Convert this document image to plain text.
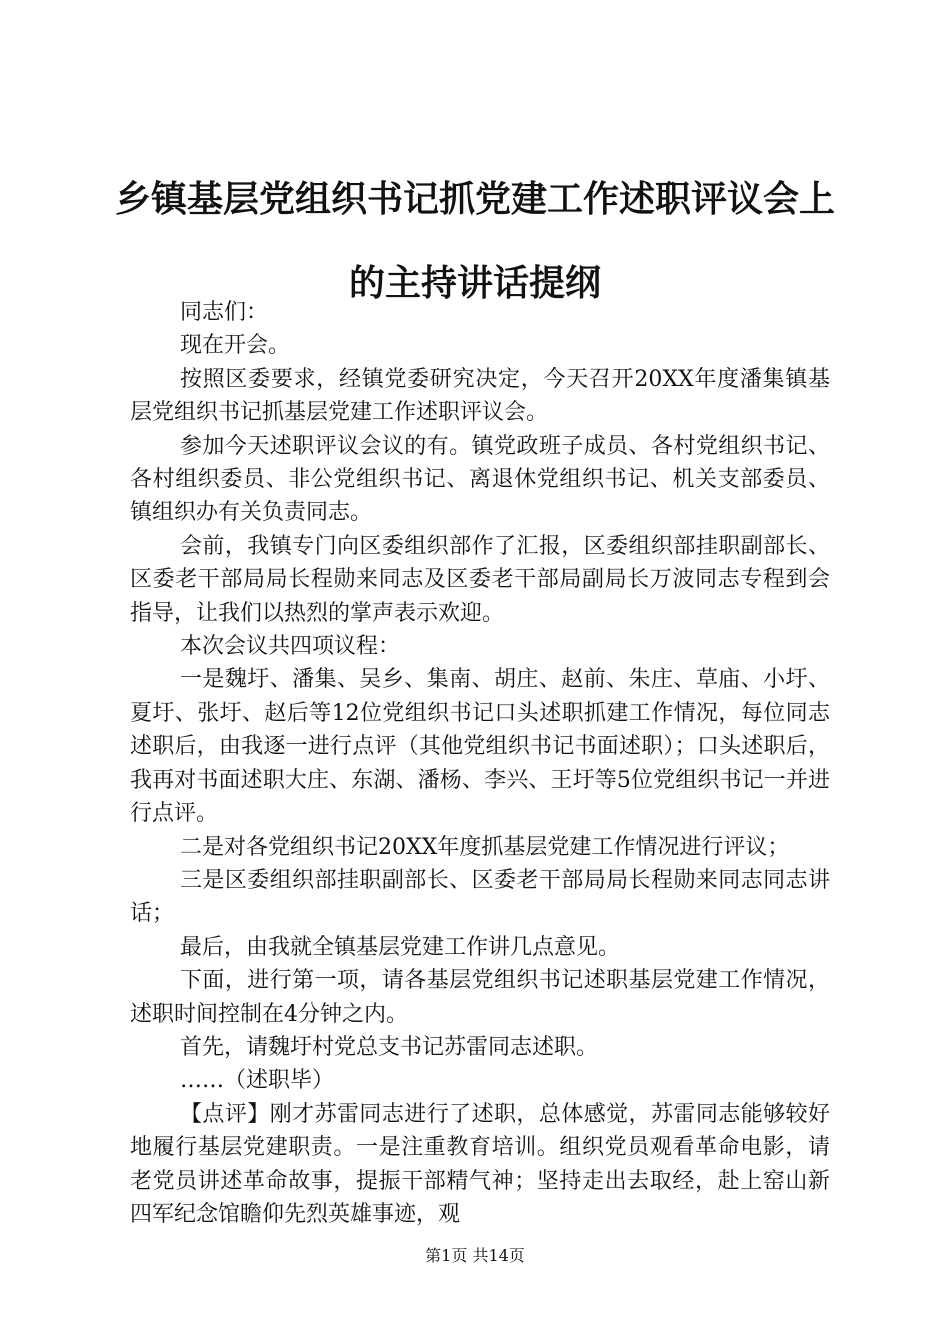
乡镇基层党组织书记抓党建工作述职评议会上
的主持讲话提纲

同志们：

现在开会。

按照区委要求，经镇党委研究决定，今天召开20XX年度潘集镇基层党组织书记抓基层党建工作述职评议会。

参加今天述职评议会议的有。镇党政班子成员、各村党组织书记、各村组织委员、非公党组织书记、离退休党组织书记、机关支部委员、镇组织办有关负责同志。

会前，我镇专门向区委组织部作了汇报，区委组织部挂职副部长、区委老干部局局长程勋来同志及区委老干部局副局长万波同志专程到会指导，让我们以热烈的掌声表示欢迎。

本次会议共四项议程：

一是魏圩、潘集、吴乡、集南、胡庄、赵前、朱庄、草庙、小圩、夏圩、张圩、赵后等12位党组织书记口头述职抓建工作情况，每位同志述职后，由我逐一进行点评（其他党组织书记书面述职）；口头述职后，我再对书面述职大庄、东湖、潘杨、李兴、王圩等5位党组织书记一并进行点评。

二是对各党组织书记20XX年度抓基层党建工作情况进行评议；

三是区委组织部挂职副部长、区委老干部局局长程勋来同志同志讲话；

最后，由我就全镇基层党建工作讲几点意见。

下面，进行第一项，请各基层党组织书记述职基层党建工作情况，述职时间控制在4分钟之内。

首先，请魏圩村党总支书记苏雷同志述职。

……（述职毕）

【点评】刚才苏雷同志进行了述职，总体感觉，苏雷同志能够较好地履行基层党建职责。一是注重教育培训。组织党员观看革命电影，请老党员讲述革命故事，提振干部精气神；坚持走出去取经，赴上窑山新四军纪念馆瞻仰先烈英雄事迹，观

第1页 共14页
